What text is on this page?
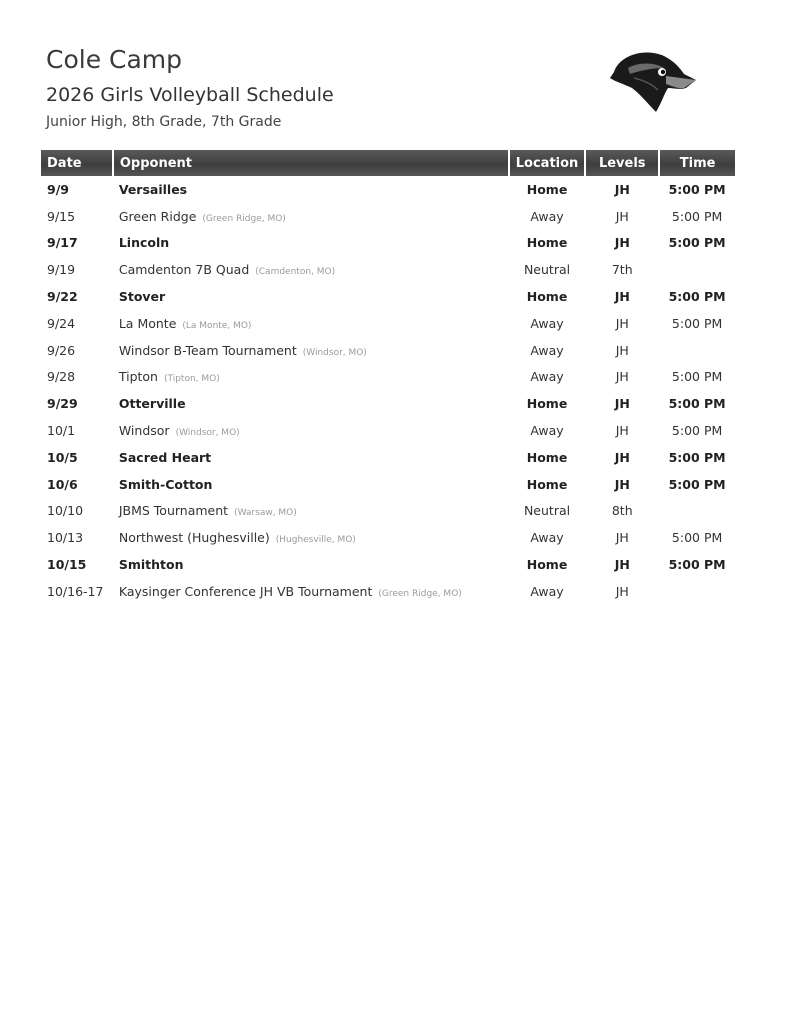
Cole Camp
2026 Girls Volleyball Schedule
Junior High, 8th Grade, 7th Grade
Date	Opponent	Location	Levels	Time
9/9	Versailles	Home	JH	5:00 PM
9/15	Green Ridge (Green Ridge, MO)	Away	JH	5:00 PM
9/17	Lincoln	Home	JH	5:00 PM
9/19	Camdenton 7B Quad (Camdenton, MO)	Neutral	7th	
9/22	Stover	Home	JH	5:00 PM
9/24	La Monte (La Monte, MO)	Away	JH	5:00 PM
9/26	Windsor B-Team Tournament (Windsor, MO)	Away	JH	
9/28	Tipton (Tipton, MO)	Away	JH	5:00 PM
9/29	Otterville	Home	JH	5:00 PM
10/1	Windsor (Windsor, MO)	Away	JH	5:00 PM
10/5	Sacred Heart	Home	JH	5:00 PM
10/6	Smith-Cotton	Home	JH	5:00 PM
10/10	JBMS Tournament (Warsaw, MO)	Neutral	8th	
10/13	Northwest (Hughesville) (Hughesville, MO)	Away	JH	5:00 PM
10/15	Smithton	Home	JH	5:00 PM
10/16-17	Kaysinger Conference JH VB Tournament (Green Ridge, MO)	Away	JH	
